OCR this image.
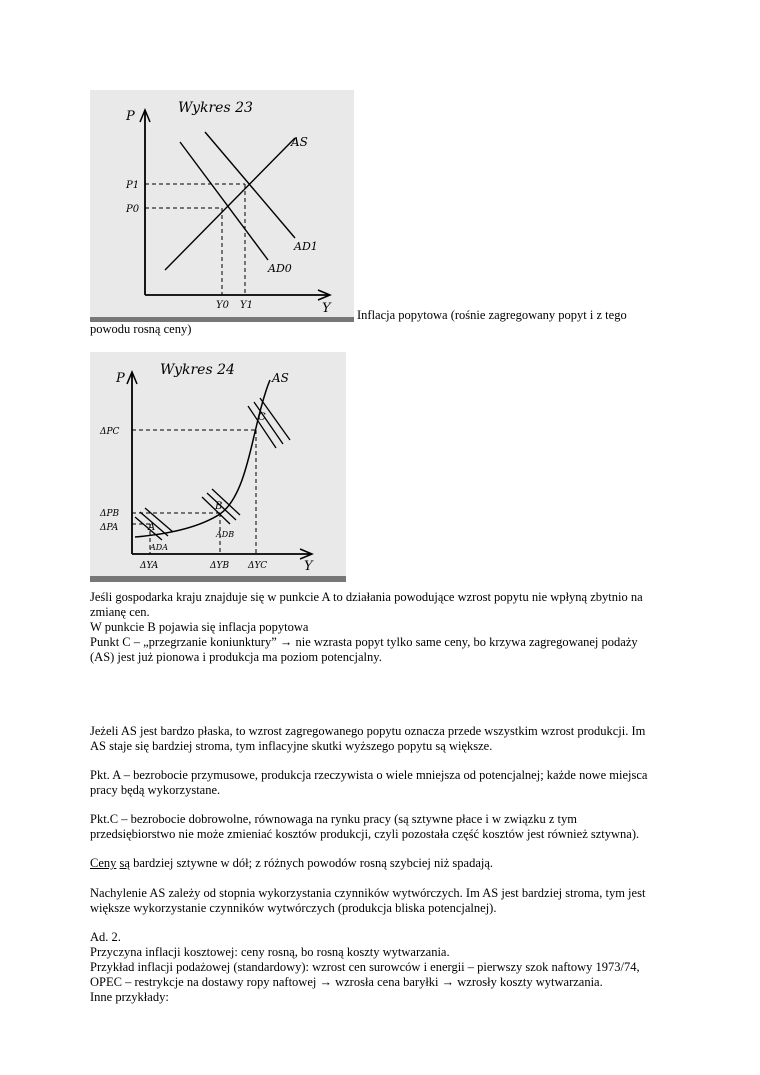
Wykres 23
P
Y
AS
AD1
AD0
P1
P0
Y0 Y1
Inflacja popytowa (rośnie zagregowany popyt i z tego
powodu rosną ceny)
Wykres 24
P
Y
AS
A
B
C
ΔPC
ΔPB
ΔPA
ΔYA	ΔYB ΔYC
ADA
ADB
Jeśli gospodarka kraju znajduje się w punkcie A to działania powodujące wzrost popytu nie wpłyną zbytnio na
zmianę cen.
W punkcie B pojawia się inflacja popytowa
Punkt C – „przegrzanie koniunktury” → nie wzrasta popyt tylko same ceny, bo krzywa zagregowanej podaży
(AS) jest już pionowa i produkcja ma poziom potencjalny.
Jeżeli AS jest bardzo płaska, to wzrost zagregowanego popytu oznacza przede wszystkim wzrost produkcji. Im
AS staje się bardziej stroma, tym inflacyjne skutki wyższego popytu są większe.
Pkt. A – bezrobocie przymusowe, produkcja rzeczywista o wiele mniejsza od potencjalnej; każde nowe miejsca
pracy będą wykorzystane.
Pkt.C – bezrobocie dobrowolne, równowaga na rynku pracy (są sztywne płace i w związku z tym
przedsiębiorstwo nie może zmieniać kosztów produkcji, czyli pozostała część kosztów jest również sztywna).
Ceny są bardziej sztywne w dół; z różnych powodów rosną szybciej niż spadają.
Nachylenie AS zależy od stopnia wykorzystania czynników wytwórczych. Im AS jest bardziej stroma, tym jest
większe wykorzystanie czynników wytwórczych (produkcja bliska potencjalnej).
Ad. 2.
Przyczyna inflacji kosztowej: ceny rosną, bo rosną koszty wytwarzania.
Przykład inflacji podażowej (standardowy): wzrost cen surowców i energii – pierwszy szok naftowy 1973/74,
OPEC – restrykcje na dostawy ropy naftowej → wzrosła cena baryłki → wzrosły koszty wytwarzania.
Inne przykłady:
